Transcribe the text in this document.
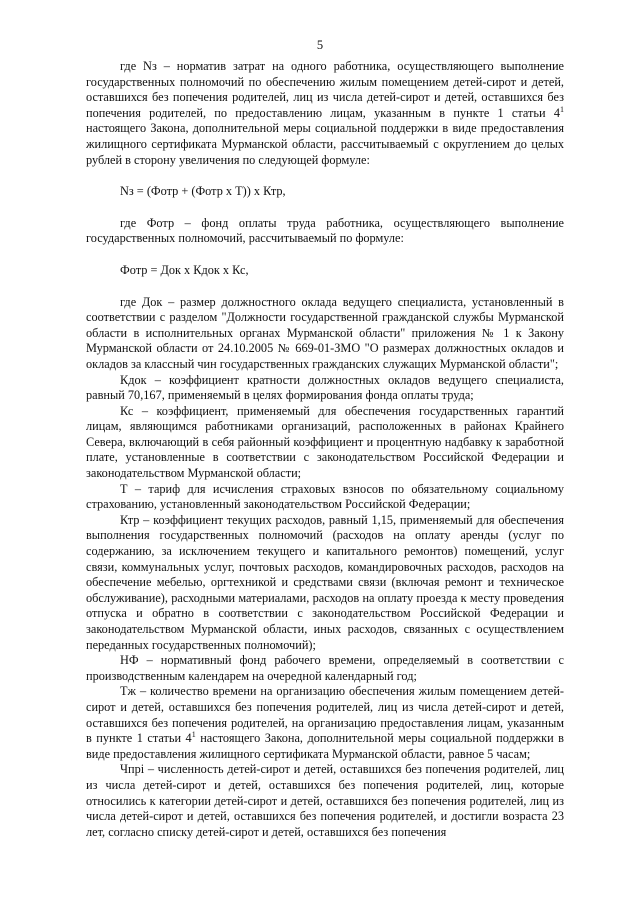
5

где Nз – норматив затрат на одного работника, осуществляющего выполнение государственных полномочий по обеспечению жилым помещением детей-сирот и детей, оставшихся без попечения родителей, лиц из числа детей-сирот и детей, оставшихся без попечения родителей, по предоставлению лицам, указанным в пункте 1 статьи $4^1$ настоящего Закона, дополнительной меры социальной поддержки в виде предоставления жилищного сертификата Мурманской области, рассчитываемый с округлением до целых рублей в сторону увеличения по следующей формуле:

Nз = (Фотр + (Фотр х Т)) х Ктр,

где Фотр – фонд оплаты труда работника, осуществляющего выполнение государственных полномочий, рассчитываемый по формуле:

Фотр = Док х Кдок х Кс,

где Док – размер должностного оклада ведущего специалиста, установленный в соответствии с разделом "Должности государственной гражданской службы Мурманской области в исполнительных органах Мурманской области" приложения № 1 к Закону Мурманской области от 24.10.2005 № 669-01-ЗМО "О размерах должностных окладов и окладов за классный чин государственных гражданских служащих Мурманской области";

Кдок – коэффициент кратности должностных окладов ведущего специалиста, равный 70,167, применяемый в целях формирования фонда оплаты труда;

Кс – коэффициент, применяемый для обеспечения государственных гарантий лицам, являющимся работниками организаций, расположенных в районах Крайнего Севера, включающий в себя районный коэффициент и процентную надбавку к заработной плате, установленные в соответствии с законодательством Российской Федерации и законодательством Мурманской области;

Т – тариф для исчисления страховых взносов по обязательному социальному страхованию, установленный законодательством Российской Федерации;

Ктр – коэффициент текущих расходов, равный 1,15, применяемый для обеспечения выполнения государственных полномочий (расходов на оплату аренды (услуг по содержанию, за исключением текущего и капитального ремонтов) помещений, услуг связи, коммунальных услуг, почтовых расходов, командировочных расходов, расходов на обеспечение мебелью, оргтехникой и средствами связи (включая ремонт и техническое обслуживание), расходными материалами, расходов на оплату проезда к месту проведения отпуска и обратно в соответствии с законодательством Российской Федерации и законодательством Мурманской области, иных расходов, связанных с осуществлением переданных государственных полномочий);

НФ – нормативный фонд рабочего времени, определяемый в соответствии с производственным календарем на очередной календарный год;

Тж – количество времени на организацию обеспечения жилым помещением детей-сирот и детей, оставшихся без попечения родителей, лиц из числа детей-сирот и детей, оставшихся без попечения родителей, на организацию предоставления лицам, указанным в пункте 1 статьи $4^1$ настоящего Закона, дополнительной меры социальной поддержки в виде предоставления жилищного сертификата Мурманской области, равное 5 часам;

Чпрі – численность детей-сирот и детей, оставшихся без попечения родителей, лиц из числа детей-сирот и детей, оставшихся без попечения родителей, лиц, которые относились к категории детей-сирот и детей, оставшихся без попечения родителей, лиц из числа детей-сирот и детей, оставшихся без попечения родителей, и достигли возраста 23 лет, согласно списку детей-сирот и детей, оставшихся без попечения
